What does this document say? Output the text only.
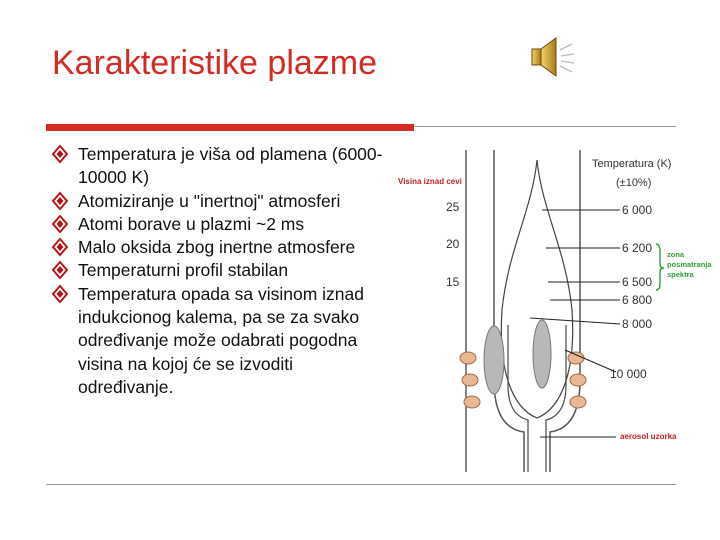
Karakteristike plazme
Temperatura je viša od plamena (6000-10000 K)
Atomiziranje u "inertnoj" atmosferi
Atomi borave u plazmi ~2 ms
Malo oksida zbog inertne atmosfere
Temperaturni profil stabilan
Temperatura opada sa visinom iznad indukcionog kalema, pa se za svako određivanje može odabrati pogodna visina na kojoj će se izvoditi određivanje.
Visina iznad cevi
25
20
15
Temperatura (K)
(±10%)
6 000
6 200
6 500
6 800
8 000
10 000
zona
posmatranja
spektra
aerosol uzorka
